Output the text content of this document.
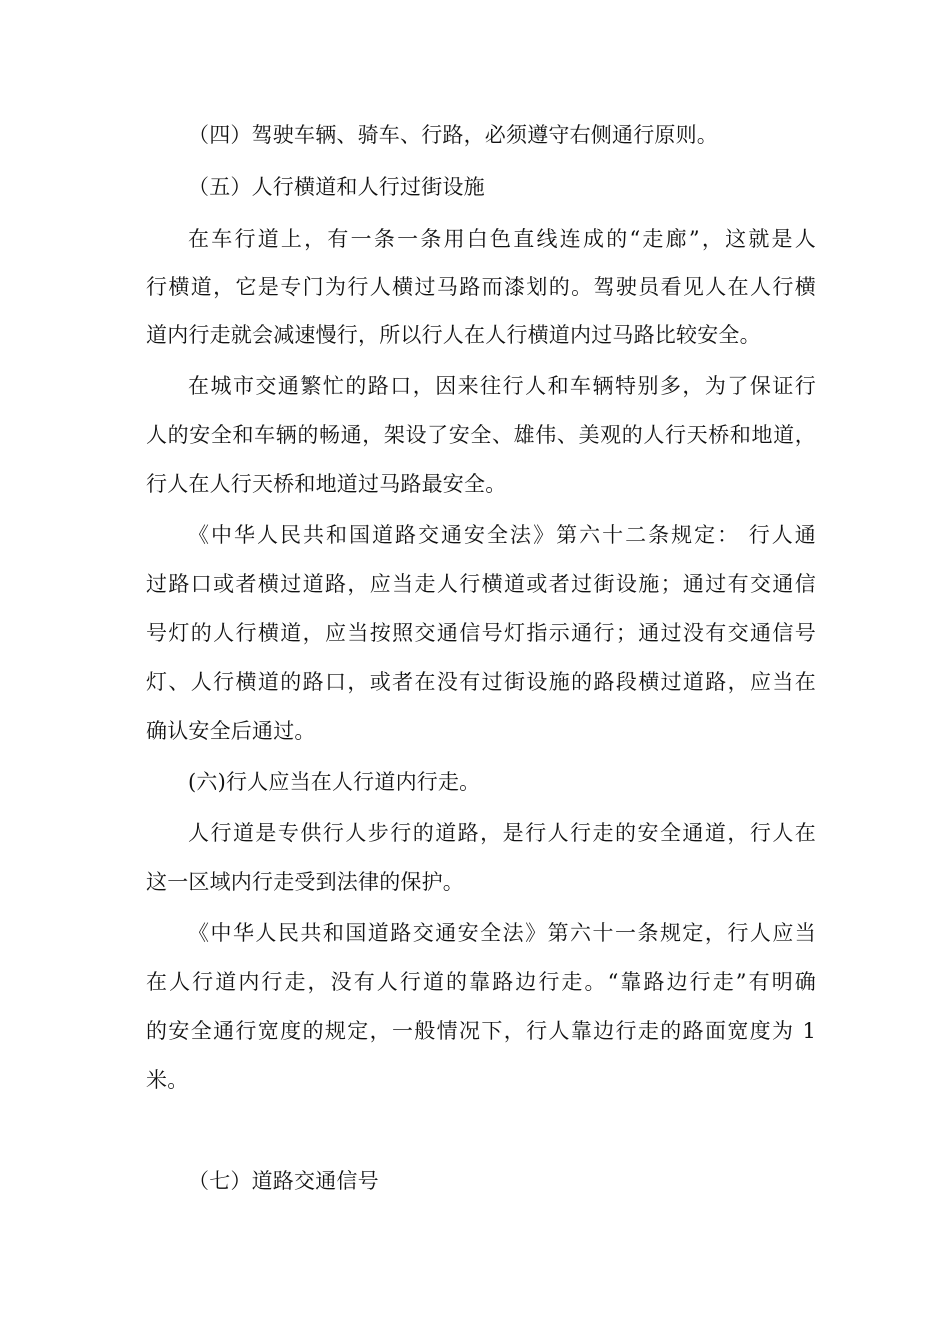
（四）驾驶车辆、骑车、行路，必须遵守右侧通行原则。
（五）人行横道和人行过街设施
在车行道上，有一条一条用白色直线连成的“走廊”，这就是人
行横道，它是专门为行人横过马路而漆划的。驾驶员看见人在人行横
道内行走就会减速慢行，所以行人在人行横道内过马路比较安全。
在城市交通繁忙的路口，因来往行人和车辆特别多，为了保证行
人的安全和车辆的畅通，架设了安全、雄伟、美观的人行天桥和地道，
行人在人行天桥和地道过马路最安全。
《中华人民共和国道路交通安全法》第六十二条规定： 行人通
过路口或者横过道路，应当走人行横道或者过街设施；通过有交通信
号灯的人行横道，应当按照交通信号灯指示通行；通过没有交通信号
灯、人行横道的路口，或者在没有过街设施的路段横过道路，应当在
确认安全后通过。
(六)行人应当在人行道内行走。
人行道是专供行人步行的道路，是行人行走的安全通道，行人在
这一区域内行走受到法律的保护。
《中华人民共和国道路交通安全法》第六十一条规定，行人应当
在人行道内行走，没有人行道的靠路边行走。“靠路边行走”有明确
的安全通行宽度的规定，一般情况下，行人靠边行走的路面宽度为 1
米。
（七）道路交通信号
